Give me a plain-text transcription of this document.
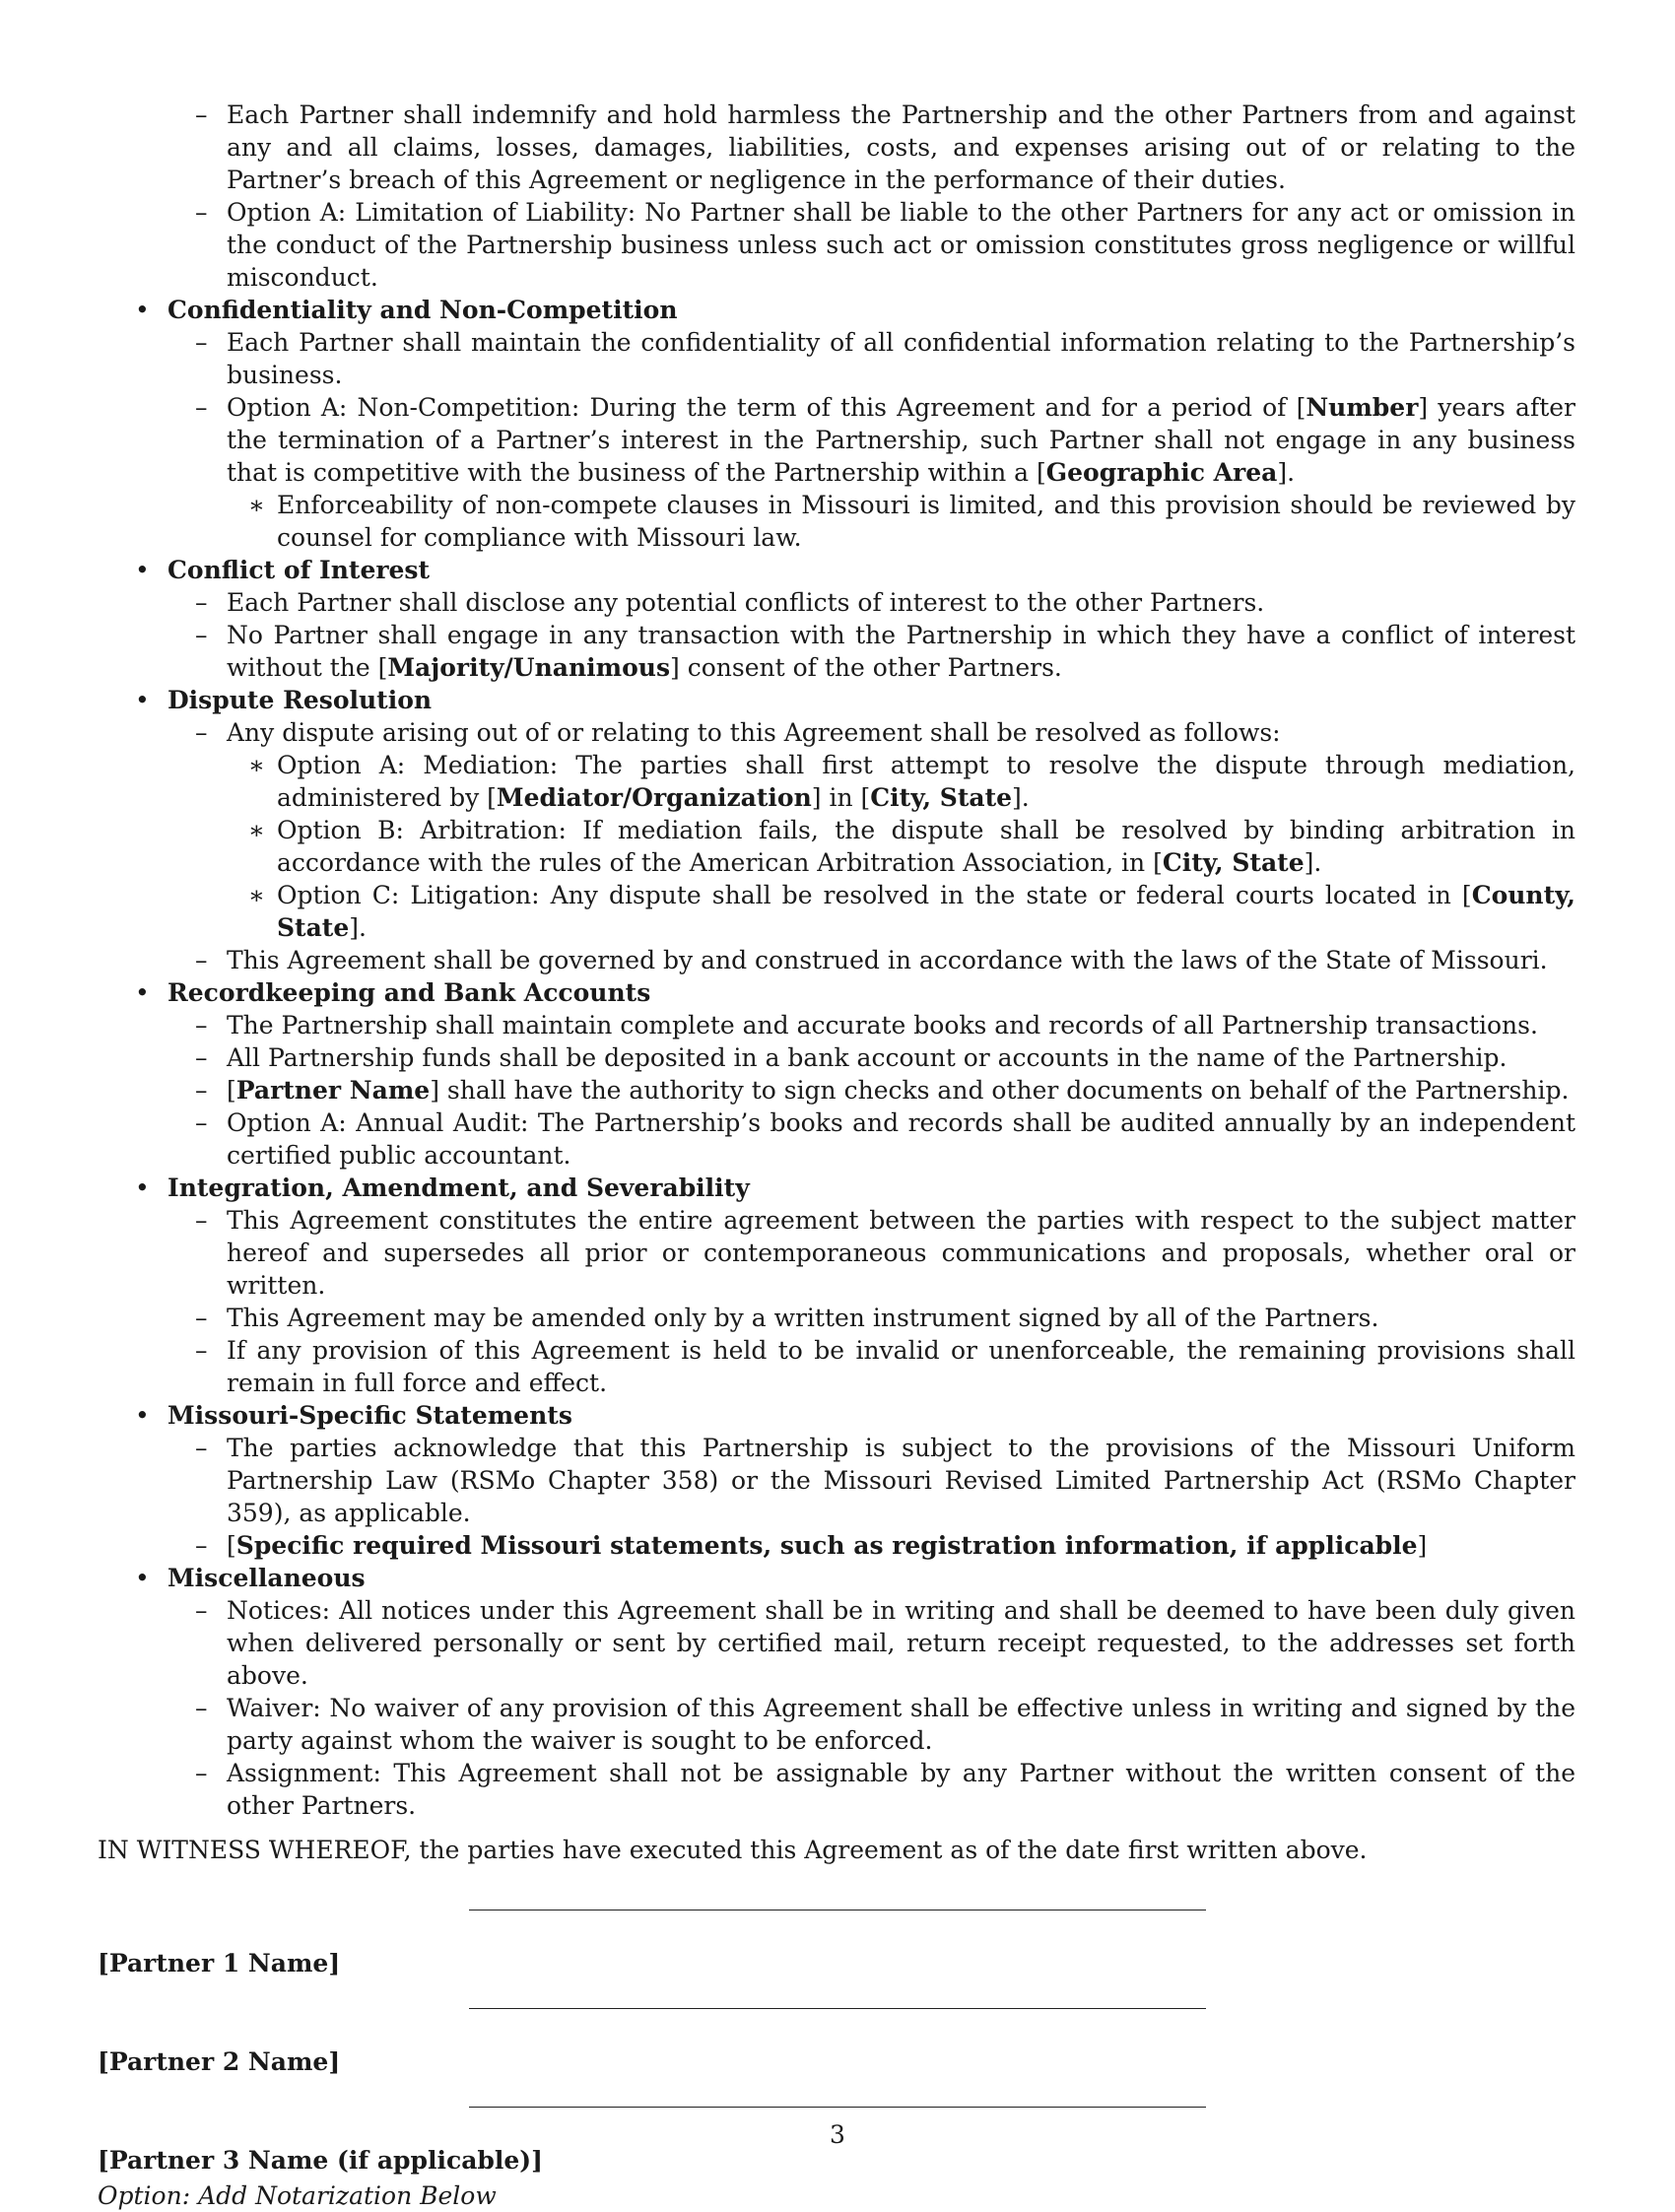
– Each Partner shall indemnify and hold harmless the Partnership and the other Partners from and against any and all claims, losses, damages, liabilities, costs, and expenses arising out of or relating to the Partner’s breach of this Agreement or negligence in the performance of their duties.
– Option A: Limitation of Liability: No Partner shall be liable to the other Partners for any act or omission in the conduct of the Partnership business unless such act or omission constitutes gross negligence or willful misconduct.
• Confidentiality and Non-Competition
– Each Partner shall maintain the confidentiality of all confidential information relating to the Partnership’s business.
– Option A: Non-Competition: During the term of this Agreement and for a period of [Number] years after the termination of a Partner’s interest in the Partnership, such Partner shall not engage in any business that is competitive with the business of the Partnership within a [Geographic Area].
∗ Enforceability of non-compete clauses in Missouri is limited, and this provision should be reviewed by counsel for compliance with Missouri law.
• Conflict of Interest
– Each Partner shall disclose any potential conflicts of interest to the other Partners.
– No Partner shall engage in any transaction with the Partnership in which they have a conflict of interest without the [Majority/Unanimous] consent of the other Partners.
• Dispute Resolution
– Any dispute arising out of or relating to this Agreement shall be resolved as follows:
∗ Option A: Mediation: The parties shall first attempt to resolve the dispute through mediation, administered by [Mediator/Organization] in [City, State].
∗ Option B: Arbitration: If mediation fails, the dispute shall be resolved by binding arbitration in accordance with the rules of the American Arbitration Association, in [City, State].
∗ Option C: Litigation: Any dispute shall be resolved in the state or federal courts located in [County, State].
– This Agreement shall be governed by and construed in accordance with the laws of the State of Missouri.
• Recordkeeping and Bank Accounts
– The Partnership shall maintain complete and accurate books and records of all Partnership transactions.
– All Partnership funds shall be deposited in a bank account or accounts in the name of the Partnership.
– [Partner Name] shall have the authority to sign checks and other documents on behalf of the Partnership.
– Option A: Annual Audit: The Partnership’s books and records shall be audited annually by an independent certified public accountant.
• Integration, Amendment, and Severability
– This Agreement constitutes the entire agreement between the parties with respect to the subject matter hereof and supersedes all prior or contemporaneous communications and proposals, whether oral or written.
– This Agreement may be amended only by a written instrument signed by all of the Partners.
– If any provision of this Agreement is held to be invalid or unenforceable, the remaining provisions shall remain in full force and effect.
• Missouri-Specific Statements
– The parties acknowledge that this Partnership is subject to the provisions of the Missouri Uniform Partnership Law (RSMo Chapter 358) or the Missouri Revised Limited Partnership Act (RSMo Chapter 359), as applicable.
– [Specific required Missouri statements, such as registration information, if applicable]
• Miscellaneous
– Notices: All notices under this Agreement shall be in writing and shall be deemed to have been duly given when delivered personally or sent by certified mail, return receipt requested, to the addresses set forth above.
– Waiver: No waiver of any provision of this Agreement shall be effective unless in writing and signed by the party against whom the waiver is sought to be enforced.
– Assignment: This Agreement shall not be assignable by any Partner without the written consent of the other Partners.
IN WITNESS WHEREOF, the parties have executed this Agreement as of the date first written above.
[Partner 1 Name]
[Partner 2 Name]
[Partner 3 Name (if applicable)]
Option: Add Notarization Below
3
